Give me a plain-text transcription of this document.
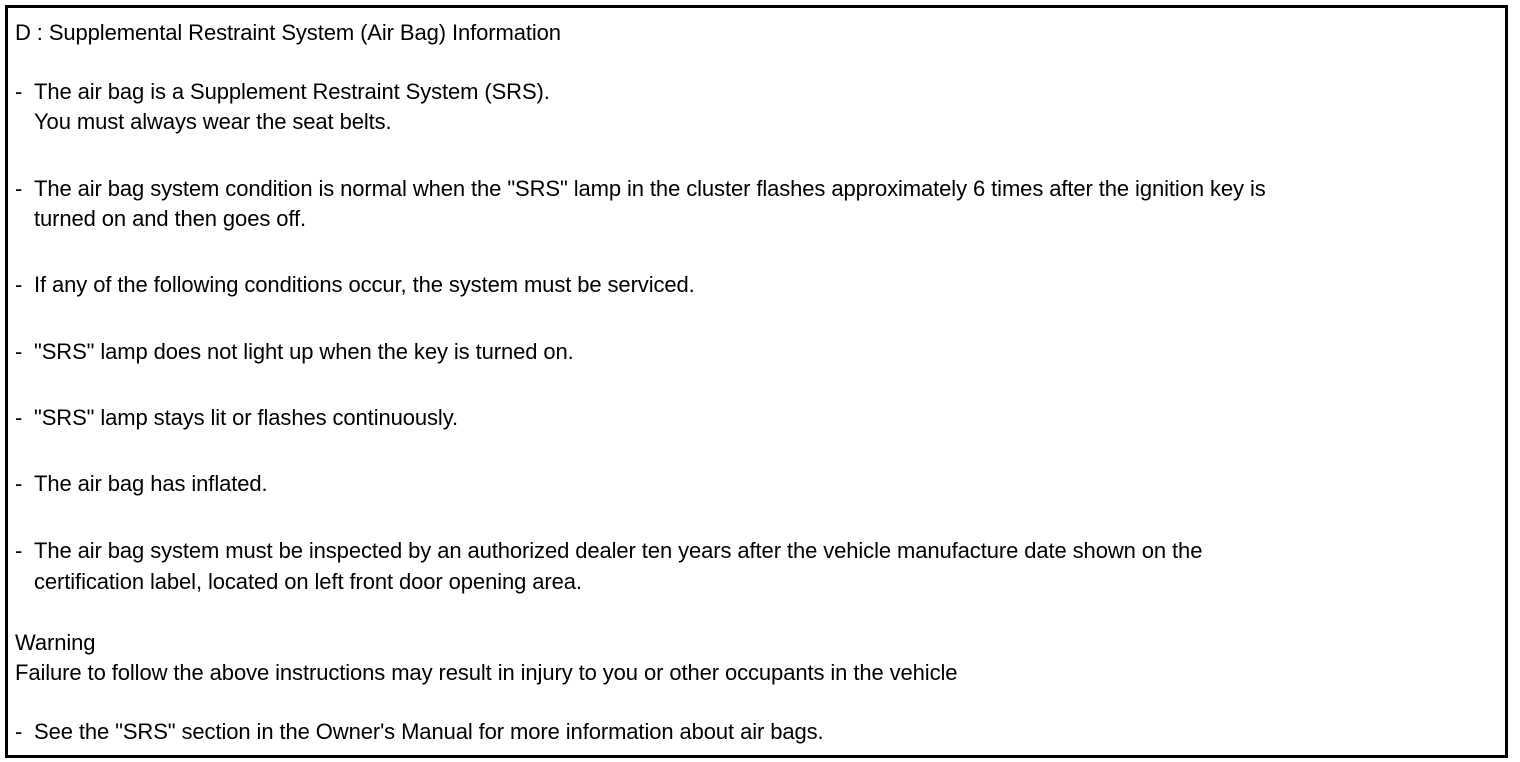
D : Supplemental Restraint System (Air Bag) Information
- The air bag is a Supplement Restraint System (SRS).
You must always wear the seat belts.
- The air bag system condition is normal when the "SRS" lamp in the cluster flashes approximately 6 times after the ignition key is
turned on and then goes off.
- If any of the following conditions occur, the system must be serviced.
- "SRS" lamp does not light up when the key is turned on.
- "SRS" lamp stays lit or flashes continuously.
- The air bag has inflated.
- The air bag system must be inspected by an authorized dealer ten years after the vehicle manufacture date shown on the
certification label, located on left front door opening area.
Warning
Failure to follow the above instructions may result in injury to you or other occupants in the vehicle
- See the "SRS" section in the Owner's Manual for more information about air bags.
